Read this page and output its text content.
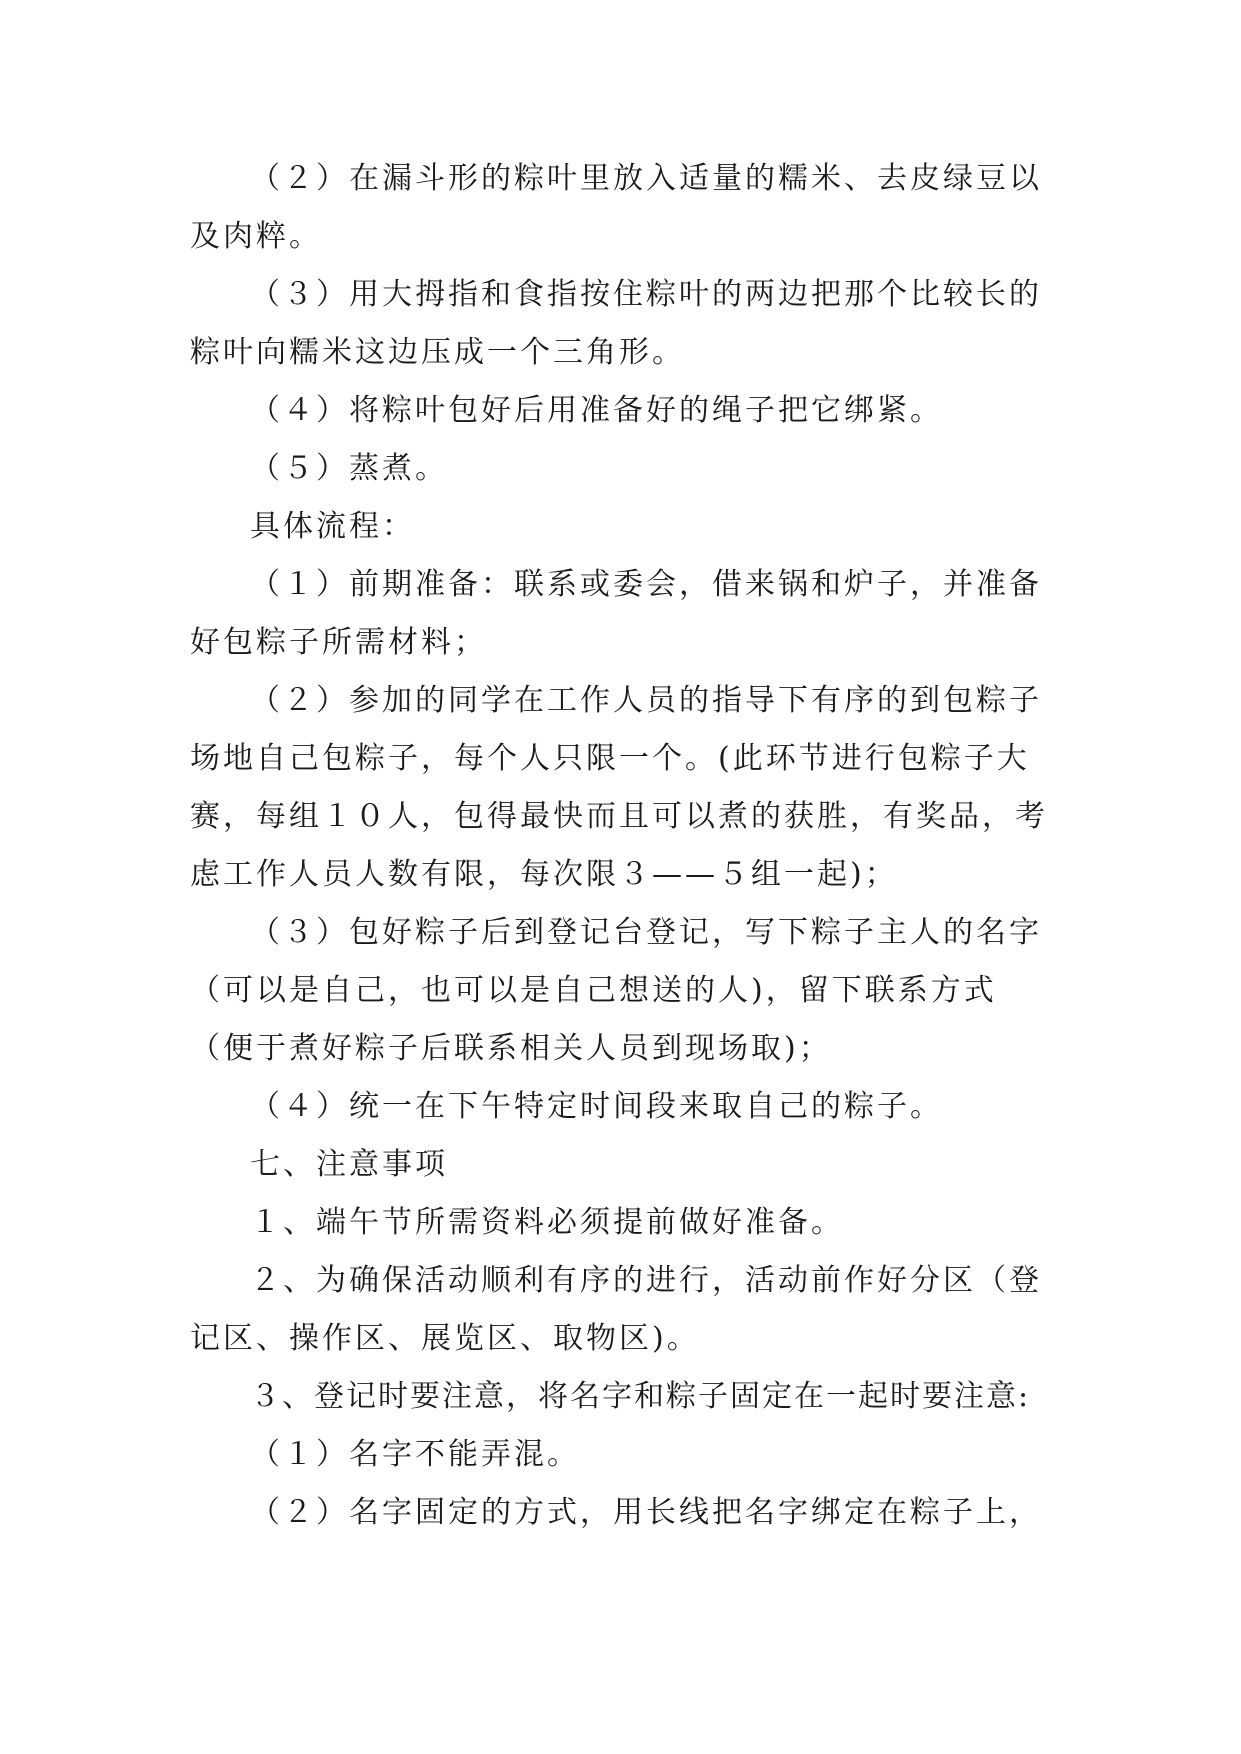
（２）在漏斗形的粽叶里放入适量的糯米、去皮绿豆以及肉粹。

（３）用大拇指和食指按住粽叶的两边把那个比较长的粽叶向糯米这边压成一个三角形。

（４）将粽叶包好后用准备好的绳子把它绑紧。

（５）蒸煮。

具体流程：

（１）前期准备：联系或委会，借来锅和炉子，并准备好包粽子所需材料；

（２）参加的同学在工作人员的指导下有序的到包粽子场地自己包粽子，每个人只限一个。(此环节进行包粽子大赛，每组１０人，包得最快而且可以煮的获胜，有奖品，考虑工作人员人数有限，每次限３——５组一起)；

（３）包好粽子后到登记台登记，写下粽子主人的名字（可以是自己，也可以是自己想送的人)，留下联系方式（便于煮好粽子后联系相关人员到现场取)；

（４）统一在下午特定时间段来取自己的粽子。

七、注意事项

１、端午节所需资料必须提前做好准备。

２、为确保活动顺利有序的进行，活动前作好分区（登记区、操作区、展览区、取物区)。

３、登记时要注意，将名字和粽子固定在一起时要注意:

（１）名字不能弄混。

（２）名字固定的方式，用长线把名字绑定在粽子上，
